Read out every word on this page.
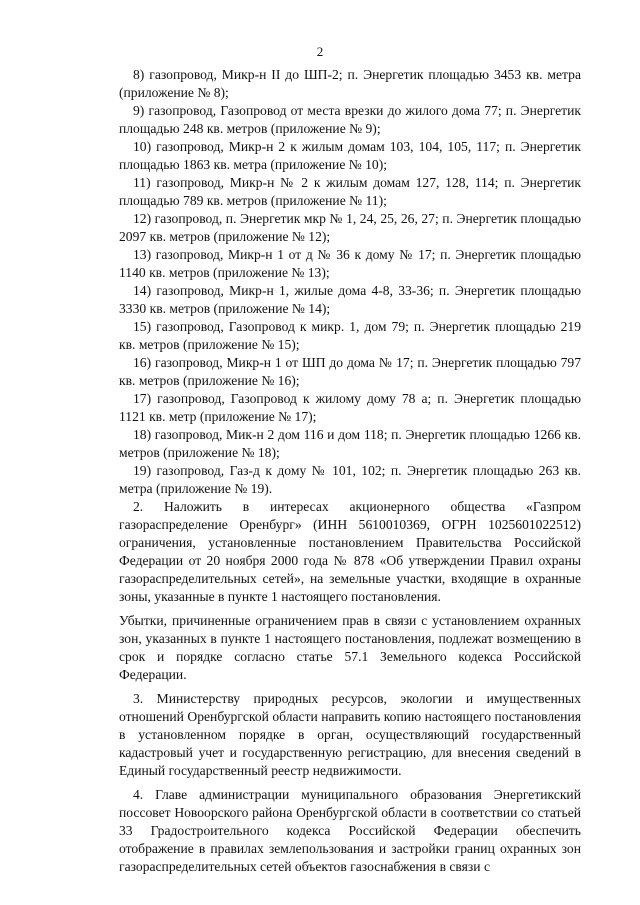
2

8) газопровод, Микр-н II до ШП-2; п. Энергетик площадью 3453 кв. метра (приложение № 8);

9) газопровод, Газопровод от места врезки до жилого дома 77; п. Энергетик площадью 248 кв. метров (приложение № 9);

10) газопровод, Микр-н 2 к жилым домам 103, 104, 105, 117; п. Энергетик площадью 1863 кв. метра (приложение № 10);

11) газопровод, Микр-н № 2 к жилым домам 127, 128, 114; п. Энергетик площадью 789 кв. метров (приложение № 11);

12) газопровод, п. Энергетик мкр № 1, 24, 25, 26, 27; п. Энергетик площадью 2097 кв. метров (приложение № 12);

13) газопровод, Микр-н 1 от д № 36 к дому № 17; п. Энергетик площадью 1140 кв. метров (приложение № 13);

14) газопровод, Микр-н 1, жилые дома 4-8, 33-36; п. Энергетик площадью 3330 кв. метров (приложение № 14);

15) газопровод, Газопровод к микр. 1, дом 79; п. Энергетик площадью 219 кв. метров (приложение № 15);

16) газопровод, Микр-н 1 от ШП до дома № 17; п. Энергетик площадью 797 кв. метров (приложение № 16);

17) газопровод, Газопровод к жилому дому 78 а; п. Энергетик площадью 1121 кв. метр (приложение № 17);

18) газопровод, Мик-н 2 дом 116 и дом 118; п. Энергетик площадью 1266 кв. метров (приложение № 18);

19) газопровод, Газ-д к дому № 101, 102; п. Энергетик площадью 263 кв. метра (приложение № 19).

2. Наложить в интересах акционерного общества «Газпром газораспределение Оренбург» (ИНН 5610010369, ОГРН 1025601022512) ограничения, установленные постановлением Правительства Российской Федерации от 20 ноября 2000 года № 878 «Об утверждении Правил охраны газораспределительных сетей», на земельные участки, входящие в охранные зоны, указанные в пункте 1 настоящего постановления.

Убытки, причиненные ограничением прав в связи с установлением охранных зон, указанных в пункте 1 настоящего постановления, подлежат возмещению в срок и порядке согласно статье 57.1 Земельного кодекса Российской Федерации.

3. Министерству природных ресурсов, экологии и имущественных отношений Оренбургской области направить копию настоящего постановления в установленном порядке в орган, осуществляющий государственный кадастровый учет и государственную регистрацию, для внесения сведений в Единый государственный реестр недвижимости.

4. Главе администрации муниципального образования Энергетикский поссовет Новоорского района Оренбургской области в соответствии со статьей 33 Градостроительного кодекса Российской Федерации обеспечить отображение в правилах землепользования и застройки границ охранных зон газораспределительных сетей объектов газоснабжения в связи с
